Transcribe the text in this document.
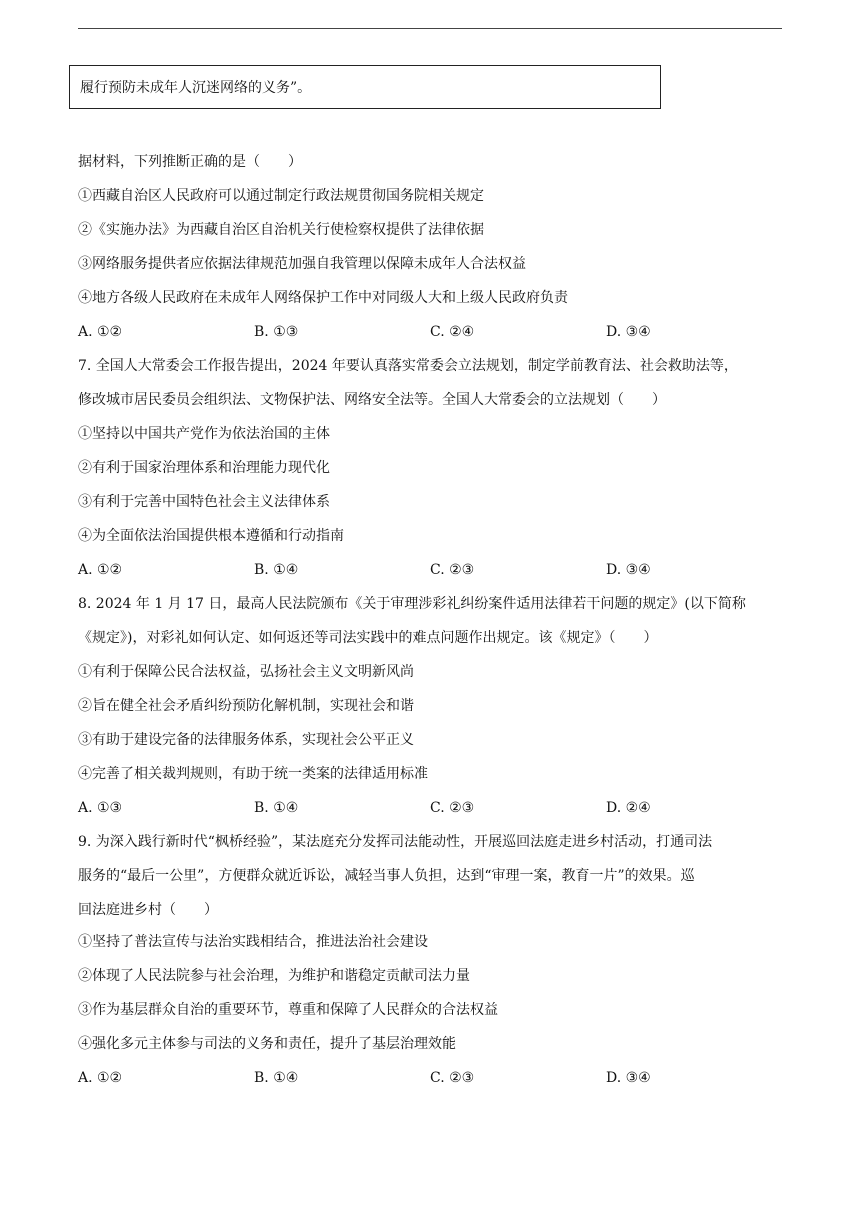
履行预防未成年人沉迷网络的义务”。
据材料，下列推断正确的是（　　）
①西藏自治区人民政府可以通过制定行政法规贯彻国务院相关规定
②《实施办法》为西藏自治区自治机关行使检察权提供了法律依据
③网络服务提供者应依据法律规范加强自我管理以保障未成年人合法权益
④地方各级人民政府在未成年人网络保护工作中对同级人大和上级人民政府负责
A. ①②	B. ①③	C. ②④	D. ③④
7. 全国人大常委会工作报告提出，2024 年要认真落实常委会立法规划，制定学前教育法、社会救助法等，
修改城市居民委员会组织法、文物保护法、网络安全法等。全国人大常委会的立法规划（　　）
①坚持以中国共产党作为依法治国的主体
②有利于国家治理体系和治理能力现代化
③有利于完善中国特色社会主义法律体系
④为全面依法治国提供根本遵循和行动指南
A. ①②	B. ①④	C. ②③	D. ③④
8. 2024 年 1 月 17 日，最高人民法院颁布《关于审理涉彩礼纠纷案件适用法律若干问题的规定》(以下简称
《规定》)，对彩礼如何认定、如何返还等司法实践中的难点问题作出规定。该《规定》（　　）
①有利于保障公民合法权益，弘扬社会主义文明新风尚
②旨在健全社会矛盾纠纷预防化解机制，实现社会和谐
③有助于建设完备的法律服务体系，实现社会公平正义
④完善了相关裁判规则，有助于统一类案的法律适用标准
A. ①③	B. ①④	C. ②③	D. ②④
9. 为深入践行新时代“枫桥经验”，某法庭充分发挥司法能动性，开展巡回法庭走进乡村活动，打通司法
服务的“最后一公里”，方便群众就近诉讼，减轻当事人负担，达到“审理一案，教育一片”的效果。巡
回法庭进乡村（　　）
①坚持了普法宣传与法治实践相结合，推进法治社会建设
②体现了人民法院参与社会治理，为维护和谐稳定贡献司法力量
③作为基层群众自治的重要环节，尊重和保障了人民群众的合法权益
④强化多元主体参与司法的义务和责任，提升了基层治理效能
A. ①②	B. ①④	C. ②③	D. ③④
